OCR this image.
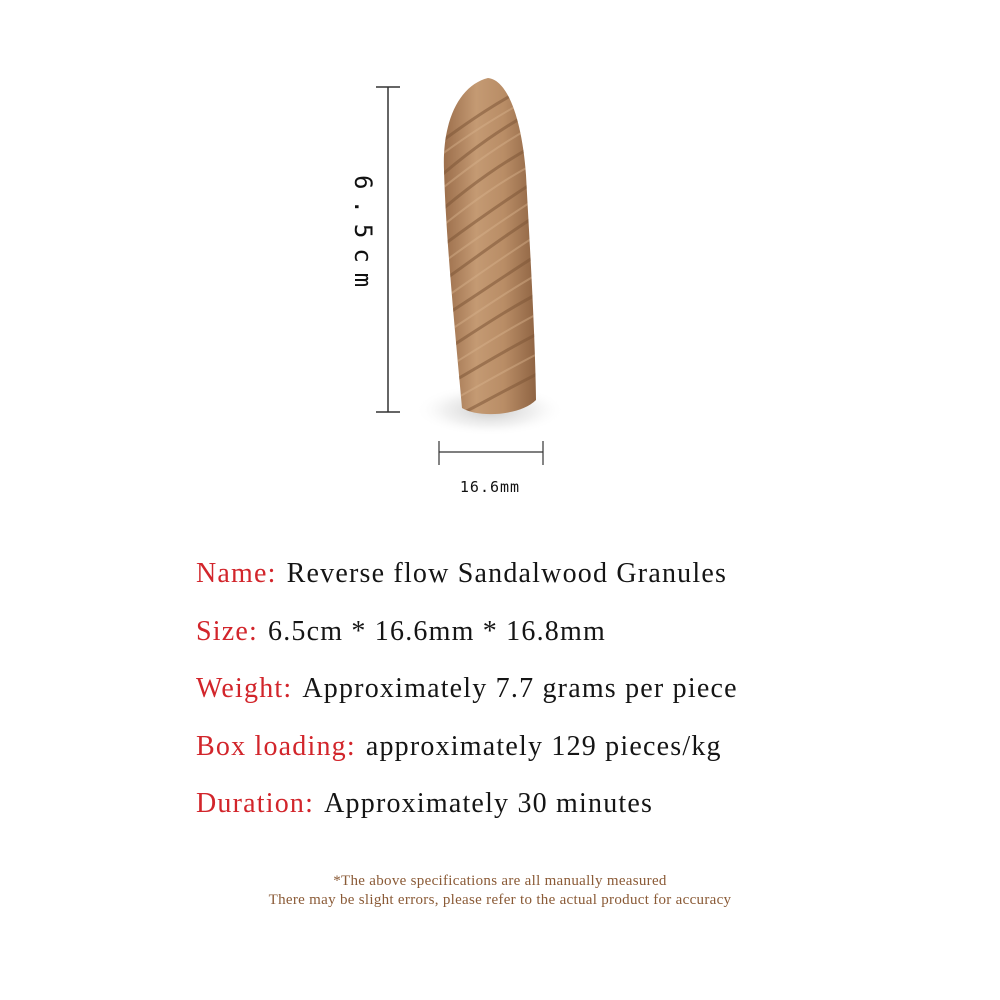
6.5cm
16.6mm
Name: Reverse flow Sandalwood Granules
Size: 6.5cm * 16.6mm * 16.8mm
Weight: Approximately 7.7 grams per piece
Box loading: approximately 129 pieces/kg
Duration: Approximately 30 minutes
*The above specifications are all manually measured
There may be slight errors, please refer to the actual product for accuracy
